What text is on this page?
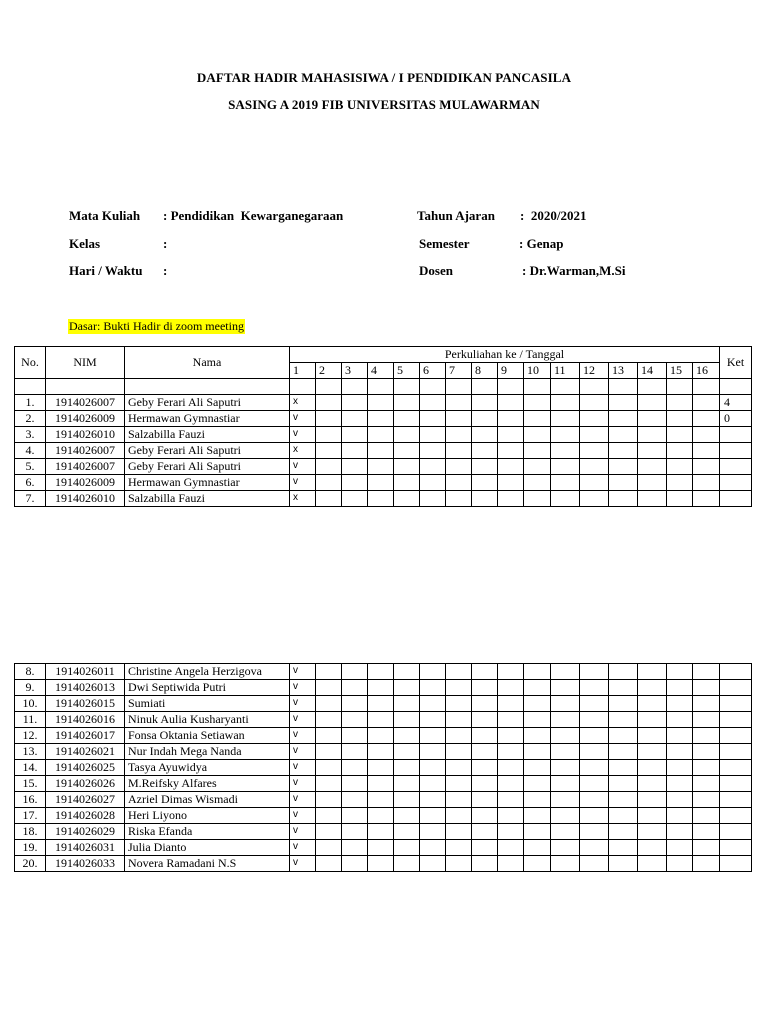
DAFTAR HADIR MAHASISIWA / I PENDIDIKAN PANCASILA
SASING A 2019 FIB UNIVERSITAS MULAWARMAN
Mata Kuliah : Pendidikan  Kewarganegaraan
Kelas	:
Hari / Waktu :
Tahun Ajaran :  2020/2021
Semester	: Genap
Dosen	: Dr.Warman,M.Si
Dasar: Bukti Hadir di zoom meeting
No.	NIM	Nama	Perkuliahan ke / Tanggal																Ket
			1	2	3	4	5	6	7	8	9	10	11	12	13	14	15	16	

1.	1914026007	Geby Ferari Ali Saputri	x																4
2.	1914026009	Hermawan Gymnastiar	v																0
3.	1914026010	Salzabilla Fauzi	v																
4.	1914026007	Geby Ferari Ali Saputri	x																
5.	1914026007	Geby Ferari Ali Saputri	v																
6.	1914026009	Hermawan Gymnastiar	v																
7.	1914026010	Salzabilla Fauzi	x																
8.	1914026011	Christine Angela Herzigova	v																
9.	1914026013	Dwi Septiwida Putri	v																
10.	1914026015	Sumiati	v																
11.	1914026016	Ninuk Aulia Kusharyanti	v																
12.	1914026017	Fonsa Oktania Setiawan	v																
13.	1914026021	Nur Indah Mega Nanda	v																
14.	1914026025	Tasya Ayuwidya	v																
15.	1914026026	M.Reifsky Alfares	v																
16.	1914026027	Azriel Dimas Wismadi	v																
17.	1914026028	Heri Liyono	v																
18.	1914026029	Riska Efanda	v																
19.	1914026031	Julia Dianto	v																
20.	1914026033	Novera Ramadani N.S	v																
